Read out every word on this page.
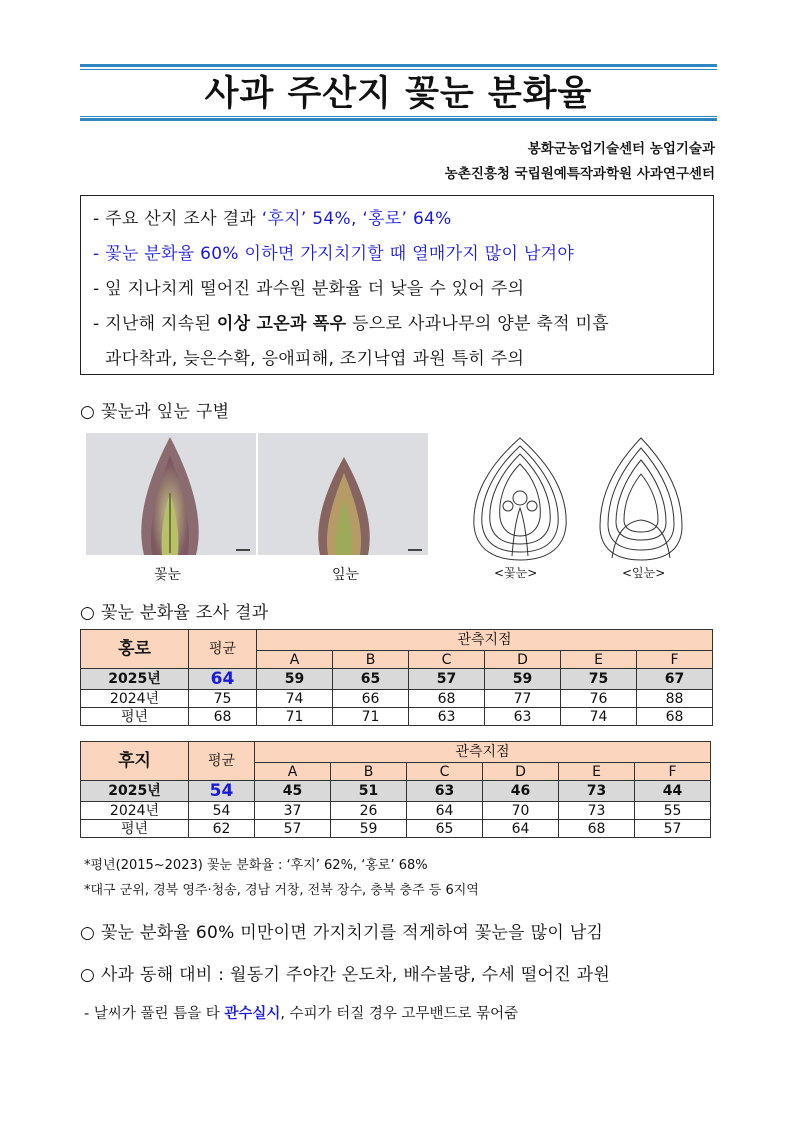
사과 주산지 꽃눈 분화율
봉화군농업기술센터 농업기술과
농촌진흥청 국립원예특작과학원 사과연구센터
- 주요 산지 조사 결과 ‘후지’ 54%, ‘홍로’ 64%
- 꽃눈 분화율 60% 이하면 가지치기할 때 열매가지 많이 남겨야
- 잎 지나치게 떨어진 과수원 분화율 더 낮을 수 있어 주의
- 지난해 지속된 이상 고온과 폭우 등으로 사과나무의 양분 축적 미흡
과다착과, 늦은수확, 응애피해, 조기낙엽 과원 특히 주의
○ 꽃눈과 잎눈 구별
꽃눈	잎눈	<꽃눈>	<잎눈>
○ 꽃눈 분화율 조사 결과
홍로	평균	관측지점					
		A	B	C	D	E	F
2025년	64	59	65	57	59	75	67
2024년	75	74	66	68	77	76	88
평년	68	71	71	63	63	74	68
후지	평균	관측지점					
		A	B	C	D	E	F
2025년	54	45	51	63	46	73	44
2024년	54	37	26	64	70	73	55
평년	62	57	59	65	64	68	57
*평년(2015∼2023) 꽃눈 분화율 : ‘후지’ 62%, ‘홍로’ 68%
*대구 군위, 경북 영주·청송, 경남 거창, 전북 장수, 충북 충주 등 6지역
○ 꽃눈 분화율 60% 미만이면 가지치기를 적게하여 꽃눈을 많이 남김
○ 사과 동해 대비 : 월동기 주야간 온도차, 배수불량, 수세 떨어진 과원
- 날씨가 풀린 틈을 타 관수실시, 수피가 터질 경우 고무밴드로 묶어줌
